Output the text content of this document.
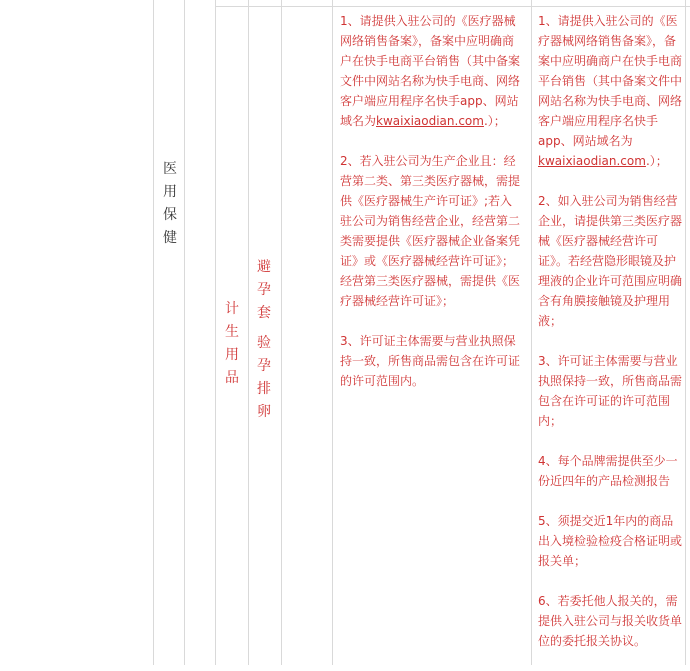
医用保健
计生用品
避孕套
验孕排卵

1、请提供入驻公司的《医疗器械网络销售备案》，备案中应明确商户在快手电商平台销售（其中备案文件中网站名称为快手电商、网络客户端应用程序名快手app、网站域名为kwaixiaodian.com.）；

2、若入驻公司为生产企业且：经营第二类、第三类医疗器械，需提供《医疗器械生产许可证》;若入驻公司为销售经营企业，经营第二类需要提供《医疗器械企业备案凭证》或《医疗器械经营许可证》；经营第三类医疗器械，需提供《医疗器械经营许可证》；

3、许可证主体需要与营业执照保持一致，所售商品需包含在许可证的许可范围内。

1、请提供入驻公司的《医疗器械网络销售备案》，备案中应明确商户在快手电商平台销售（其中备案文件中网站名称为快手电商、网络客户端应用程序名快手app、网站域名为kwaixiaodian.com.）；

2、如入驻公司为销售经营企业，请提供第三类医疗器械《医疗器械经营许可证》。若经营隐形眼镜及护理液的企业许可范围应明确含有角膜接触镜及护理用液；

3、许可证主体需要与营业执照保持一致，所售商品需包含在许可证的许可范围内；

4、每个品牌需提供至少一份近四年的产品检测报告

5、须提交近1年内的商品出入境检验检疫合格证明或报关单；

6、若委托他人报关的，需提供入驻公司与报关收货单位的委托报关协议。
